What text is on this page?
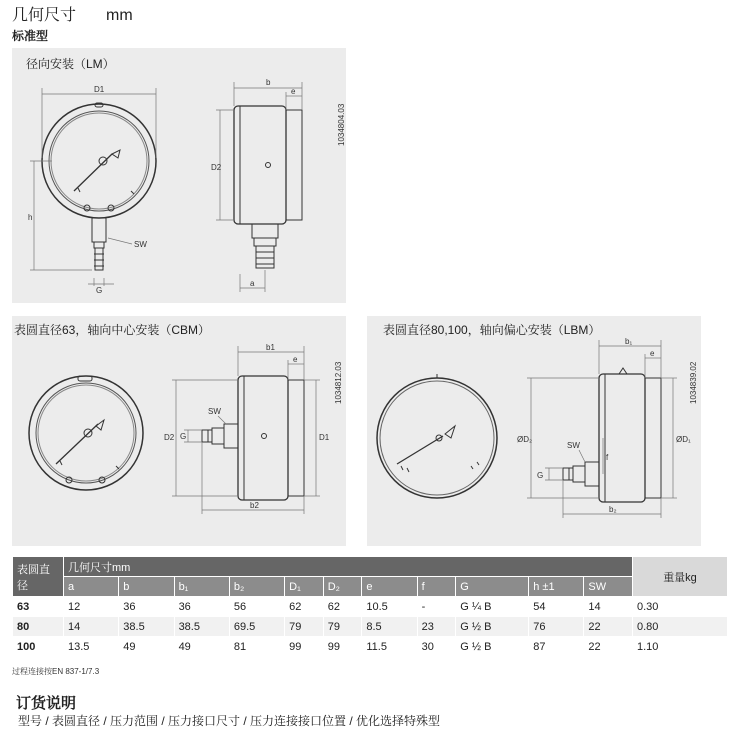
几何尺寸 mm
标准型
径向安装（LM）
1034804.03
D1
h
G
SW
b
e
D2
a
表圆直径63，轴向中心安装（CBM）
1034812.03
b1
e
SW
D2 G	D1
b2
表圆直径80,100，轴向偏心安装（LBM）
1034839.02
b₁
e
SW
ØD₂
G
f
ØD₁
b₂
表圆直径	几何尺寸mm											重量kg
	a	b	b₁	b₂	D₁	D₂	e	f	G	h ±1	SW	
63	12	36	36	56	62	62	10.5	-	G ¼ B	54	14	0.30
80	14	38.5	38.5	69.5	79	79	8.5	23	G ½ B	76	22	0.80
100	13.5	49	49	81	99	99	11.5	30	G ½ B	87	22	1.10
过程连接按EN 837-1/7.3
订货说明
型号 / 表圆直径 / 压力范围 / 压力接口尺寸 / 压力连接接口位置 / 优化选择特殊型
